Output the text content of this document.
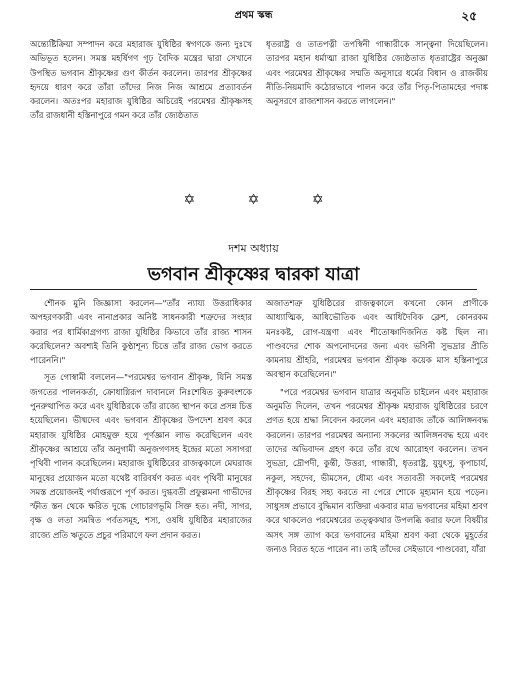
প্রথম স্কন্ধ	২৫

অন্ত্যেষ্টিক্রিয়া সম্পাদন করে মহারাজ যুধিষ্ঠির স্বগণকে জন্য দুঃখে অভিভূত হলেন। সমস্ত মহর্ষিগণ গূঢ় বৈদিক মন্ত্রের দ্বারা সেখানে উপস্থিত ভগবান শ্রীকৃষ্ণের গুণ কীর্তন করলেন। তারপর শ্রীকৃষ্ণের হৃদয়ে ধারণ করে তাঁরা তাঁদের নিজ নিজ আশ্রমে প্রত্যাবর্তন করলেন। অতঃপর মহারাজ যুধিষ্ঠির অচিরেই পরমেশ্বর শ্রীকৃষ্ণসহ তাঁর রাজধানী হস্তিনাপুরে গমন করে তাঁর জ্যেষ্ঠতাত

ধৃতরাষ্ট্র ও তাতপত্নী তপস্বিনী গান্ধারীকে সান্ত্বনা দিয়েছিলেন। তারপর মহান ধর্মাত্মা রাজা যুধিষ্ঠির জ্যেষ্ঠতাত ধৃতরাষ্ট্রের অনুজ্ঞা এবং পরমেশ্বর শ্রীকৃষ্ণের সম্মতি অনুসারে ধর্মের বিধান ও রাজকীয় নীতি-নিয়মাদি কঠোরভাবে পালন করে তাঁর পিতৃ-পিতামহের পদাঙ্ক অনুসরণে রাজ্যশাসন করতে লাগলেন।"

✡	✡	✡
দশম অধ্যায়
ভগবান শ্রীকৃষ্ণের দ্বারকা যাত্রা

শৌনক মুনি জিজ্ঞাসা করলেন—"তাঁর ন্যায্য উত্তরাধিকার অপহরণকারী এবং নানাপ্রকার অনিষ্ট সাধনকারী শত্রুদের সংহার করার পর ধার্মিকাগ্রগণ্য রাজা যুধিষ্ঠির কিভাবে তাঁর রাজ্য শাসন করেছিলেন? অবশ্যই তিনি কুণ্ঠাশূন্য চিত্তে তাঁর রাজ্য ভোগ করতে পারেননি।"

সূত গোস্বামী বললেন—"পরমেশ্বর ভগবান শ্রীকৃষ্ণ, যিনি সমস্ত জগতের পালনকর্তা, ক্রোধাগ্নিরূপ দাবানলে নিঃশেষিত কুরুবংশকে পুনরুত্থাপিত করে এবং যুধিষ্ঠিরকে তাঁর রাজ্যে স্থাপন করে প্রসন্ন চিত্ত হয়েছিলেন। ভীষ্মদেব এবং ভগবান শ্রীকৃষ্ণের উপদেশ শ্রবণ করে মহারাজ যুধিষ্ঠির মোহমুক্ত হয়ে পূর্ণজ্ঞান লাভ করেছিলেন এবং শ্রীকৃষ্ণের আশ্রয়ে তাঁর অনুগামী অনুজগণসহ ইন্দ্রের মতো সসাগরা পৃথিবী পালন করেছিলেন। মহারাজ যুধিষ্ঠিরের রাজত্বকালে মেঘরাজ মানুষের প্রয়োজন মতো যথেষ্ট বারিবর্ষণ করত এবং পৃথিবী মানুষের সমস্ত প্রয়োজনই পর্যাপ্তরূপে পূর্ণ করত। দুগ্ধবতী প্রফুল্লমনা গাভীদের স্ফীত স্তন থেকে ক্ষরিত দুগ্ধে গোচারণভূমি সিক্ত হত। নদী, সাগর, বৃক্ষ ও লতা সমন্বিত পর্বতসমূহ, শস্য, ওষধি যুধিষ্ঠির মহারাজের রাজ্যে প্রতি ঋতুতে প্রচুর পরিমাণে ফল প্রদান করত।

অজাতশত্রু যুধিষ্ঠিরের রাজত্বকালে কখনো কোন প্রাণীকে আধ্যাত্মিক, আধিভৌতিক এবং আধিদৈবিক ক্লেশ, কোনরকম মনঃকষ্ট, রোগ-যন্ত্রণা এবং শীতোষ্ণাদিজনিত কষ্ট ছিল না। পাণ্ডবদের শোক অপনোদনের জন্য এবং ভগিনী সুভদ্রার প্রীতি কামনায় শ্রীহরি, পরমেশ্বর ভগবান শ্রীকৃষ্ণ কয়েক মাস হস্তিনাপুরে অবস্থান করেছিলেন।"

"পরে পরমেশ্বর ভগবান যাত্রার অনুমতি চাইলেন এবং মহারাজ অনুমতি দিলেন, তখন পরমেশ্বর শ্রীকৃষ্ণ মহারাজ যুধিষ্ঠিরের চরণে প্রণত হয়ে শ্রদ্ধা নিবেদন করলেন এবং মহারাজ তাঁকে আলিঙ্গনবদ্ধ করলেন। তারপর পরমেশ্বর অন্যান্য সকলের আলিঙ্গনবদ্ধ হয়ে এবং তাদের অভিবাদন গ্রহণ করে তাঁর রথে আরোহণ করলেন। তখন সুভদ্রা, দ্রৌপদী, কুন্তী, উত্তরা, গান্ধারী, ধৃতরাষ্ট্র, যুযুৎসু, কৃপাচার্য, নকুল, সহদেব, ভীমসেন, ধৌম্য এবং সত্যবতী সকলেই পরমেশ্বর শ্রীকৃষ্ণের বিরহ সহ্য করতে না পেরে শোকে মূহ্যমান হয়ে পড়েন। সাধুসঙ্গ প্রভাবে বুদ্ধিমান ব্যক্তিরা একবার মাত্র ভগবানের মহিমা শ্রবণ করে থাকলেও পরমেশ্বরের তত্ত্বকথার উপলব্ধি করার ফলে বিষয়ীর অসৎ সঙ্গ ত্যাগ করে ভগবানের মহিমা শ্রবণ করা থেকে মুহূর্তের জন্যও বিরত হতে পারেন না। তাই তাঁদের সেইভাবে পাণ্ডবেরা, যাঁরা
